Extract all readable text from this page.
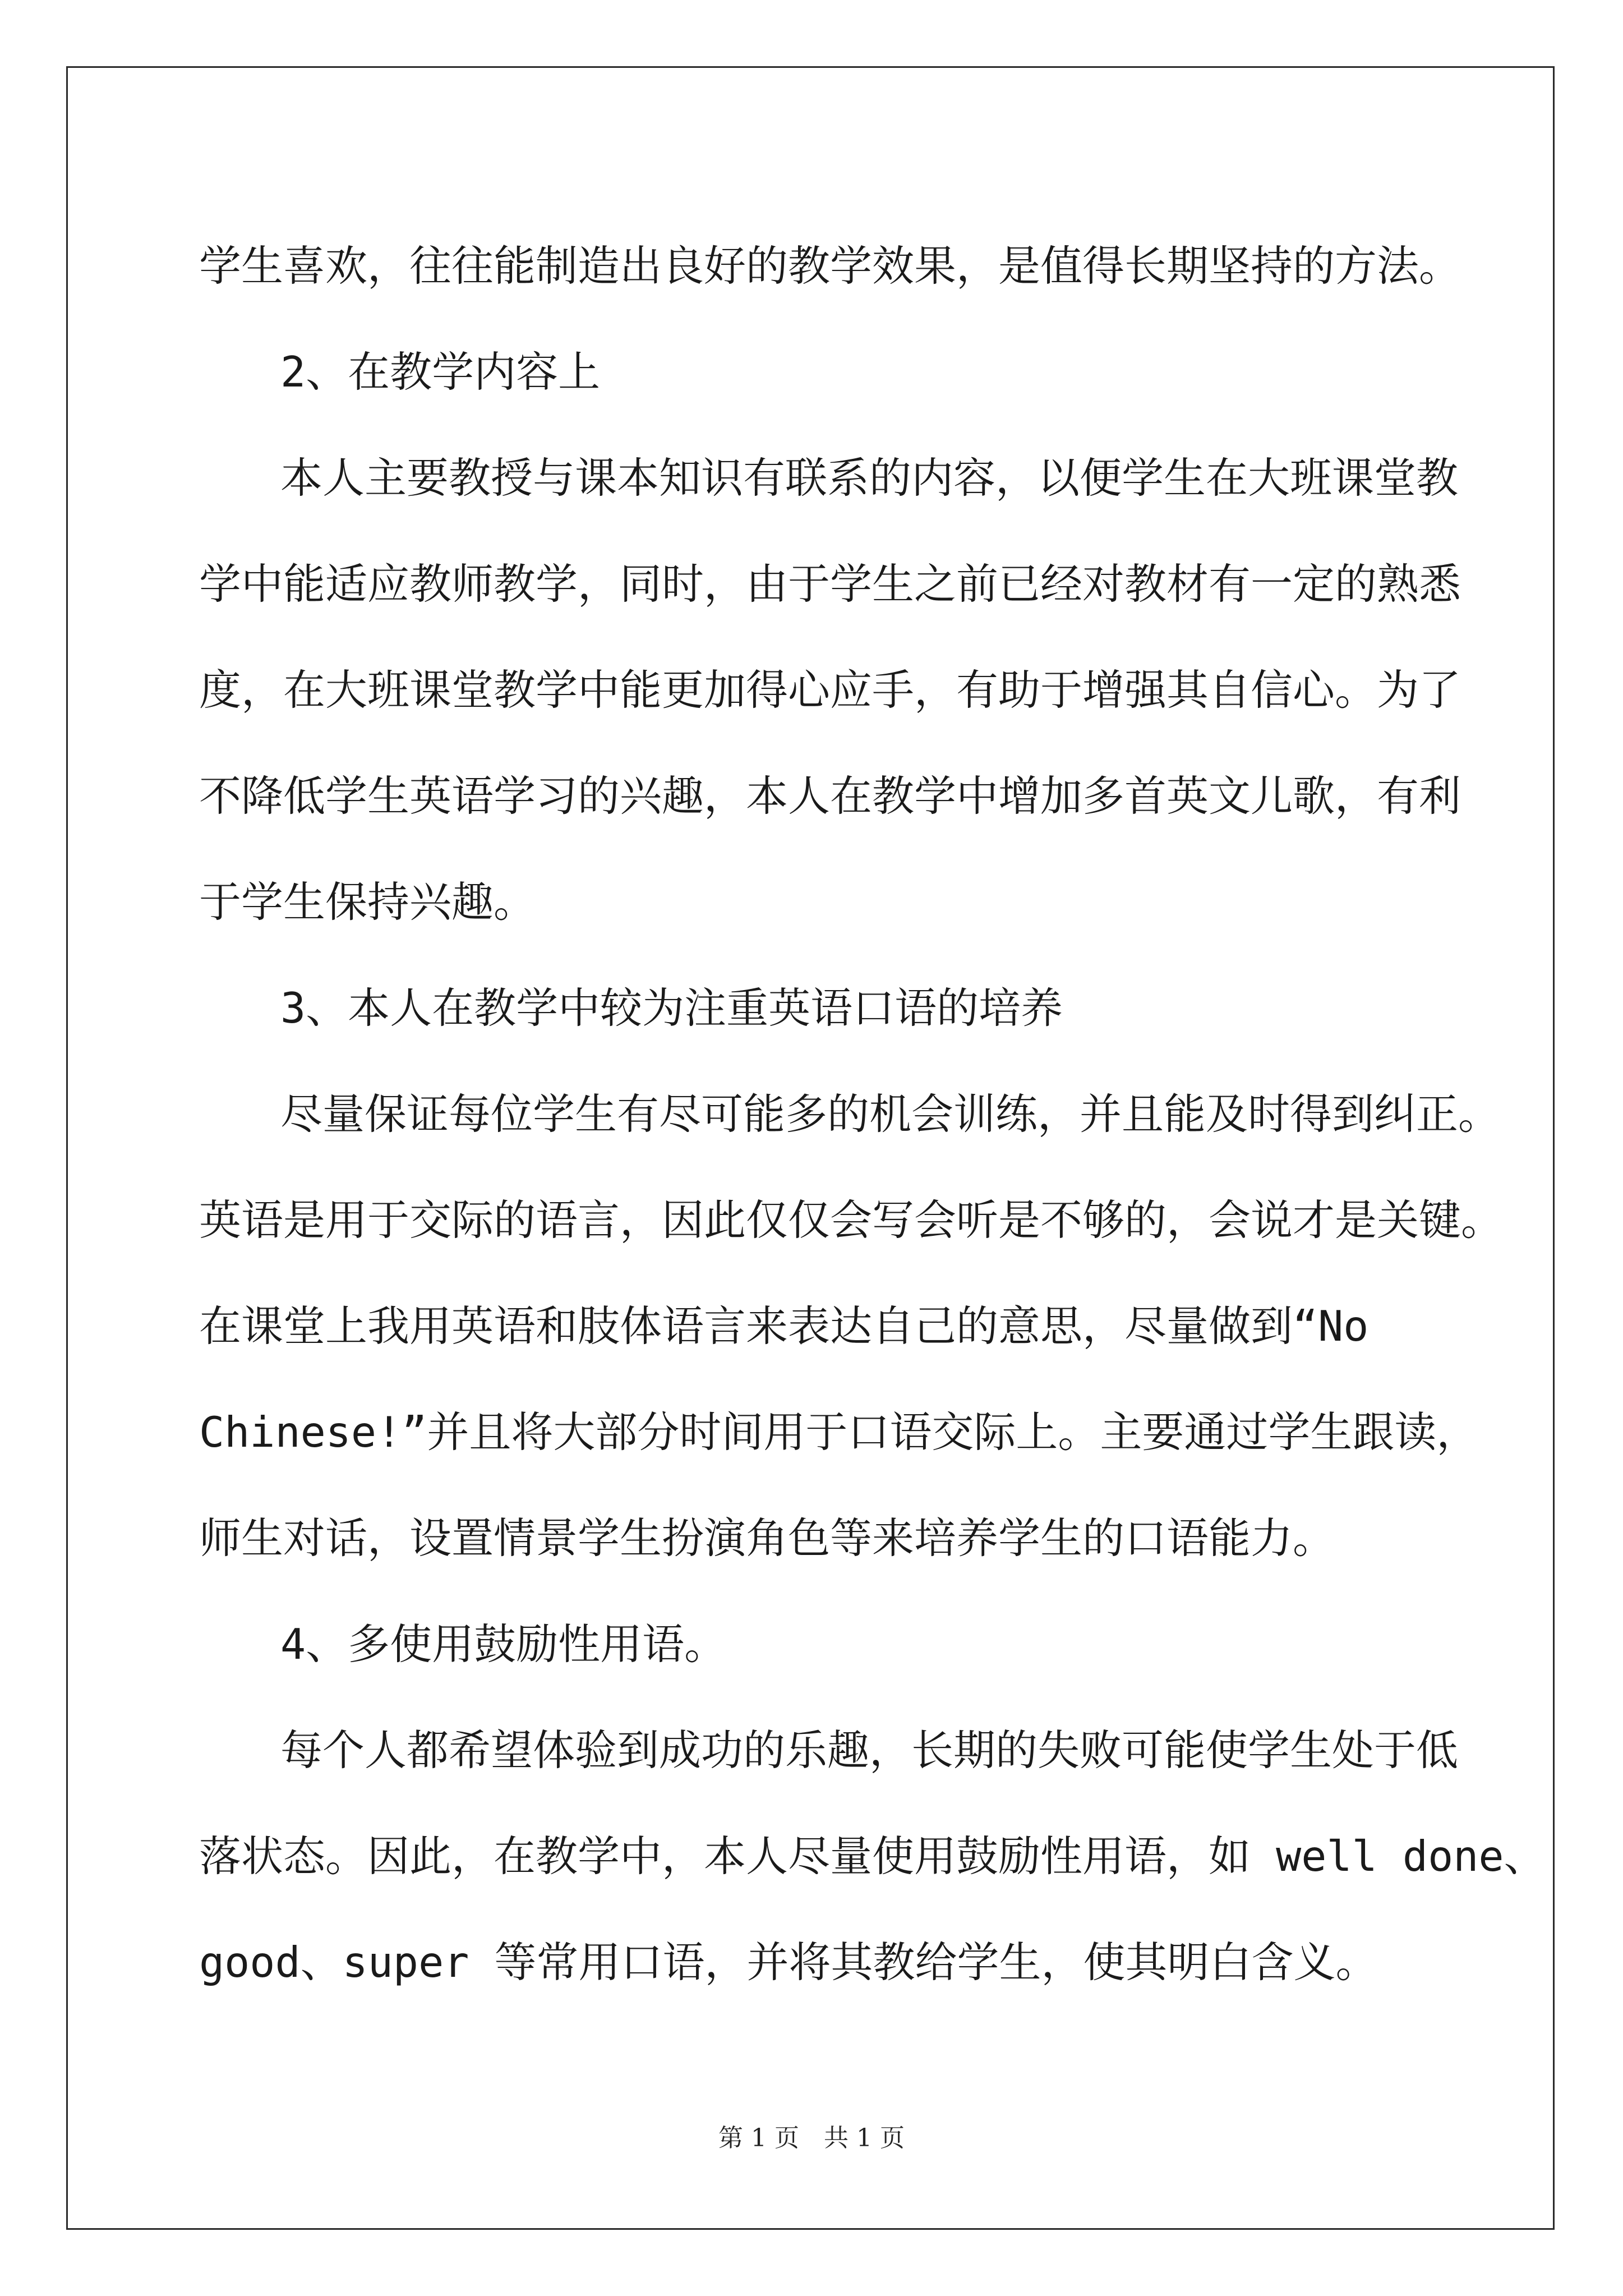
学生喜欢，往往能制造出良好的教学效果，是值得长期坚持的方法。
2、在教学内容上
本人主要教授与课本知识有联系的内容，以便学生在大班课堂教
学中能适应教师教学，同时，由于学生之前已经对教材有一定的熟悉
度，在大班课堂教学中能更加得心应手，有助于增强其自信心。为了
不降低学生英语学习的兴趣，本人在教学中增加多首英文儿歌，有利
于学生保持兴趣。
3、本人在教学中较为注重英语口语的培养
尽量保证每位学生有尽可能多的机会训练，并且能及时得到纠正。
英语是用于交际的语言，因此仅仅会写会听是不够的，会说才是关键。
在课堂上我用英语和肢体语言来表达自己的意思，尽量做到“No
Chinese!”并且将大部分时间用于口语交际上。主要通过学生跟读，
师生对话，设置情景学生扮演角色等来培养学生的口语能力。
4、多使用鼓励性用语。
每个人都希望体验到成功的乐趣，长期的失败可能使学生处于低
落状态。因此，在教学中，本人尽量使用鼓励性用语，如 well done、
good、super 等常用口语，并将其教给学生，使其明白含义。
第 1 页　共 1 页
